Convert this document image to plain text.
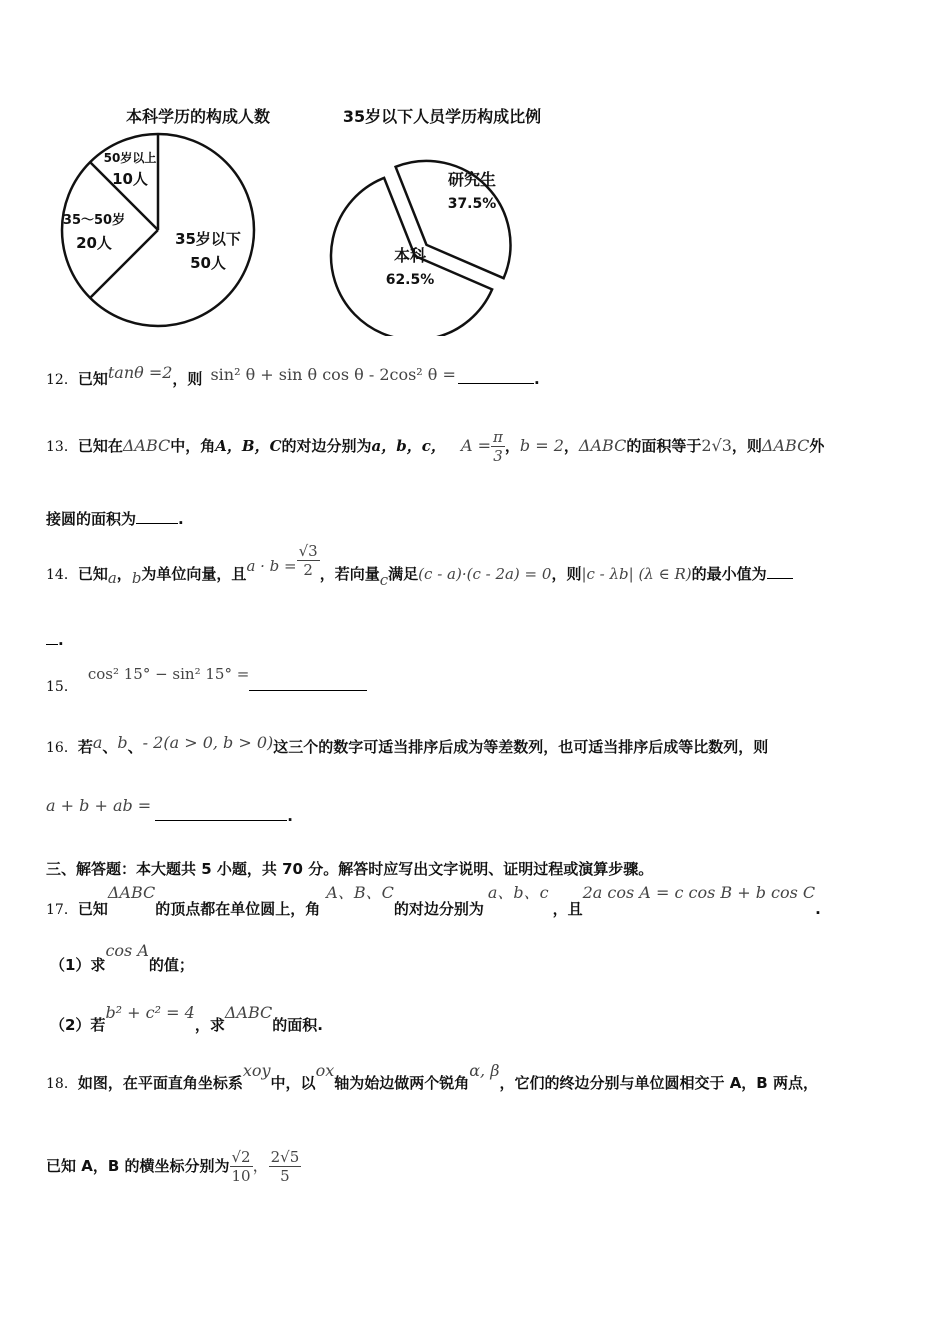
本科学历的构成人数
50岁以上
10人
35～50岁
20人	35岁以下
50人
35岁以下人员学历构成比例
研究生
37.5%
本科
62.5%
12．已知tanθ =2，则 sin² θ + sin θ cos θ - 2cos² θ =	.
13．已知在ΔABC中，角A，B，C的对边分别为a，b，c， $A = \frac{\pi}{3}$ ，b = 2，ΔABC的面积等于2√3，则ΔABC外
接圆的面积为	.
14．已知a，b为单位向量，且$a \cdot b = \frac{√3}{2}$ ，若向量c满足(c - a)·(c - 2a) = 0，则|c - λb| (λ ∈ R)的最小值为
.
15．cos² 15° − sin² 15° =
16．若a、b、- 2(a > 0, b > 0)这三个的数字可适当排序后成为等差数列，也可适当排序后成等比数列，则
a + b + ab =.
三、解答题：本大题共 5 小题，共 70 分。解答时应写出文字说明、证明过程或演算步骤。
17．已知ΔABC的顶点都在单位圆上，角A、B、C的对边分别为a、b、c，且2a cos A = c cos B + b cos C.
（1）求cos A的值；
（2）若b² + c² = 4，求ΔABC的面积.
18．如图，在平面直角坐标系xoy中，以ox轴为始边做两个锐角α, β，它们的终边分别与单位圆相交于 A，B 两点，
已知 A，B 的横坐标分别为 $\frac{√2}{10}$ ， $\frac{2√5}{5}$
